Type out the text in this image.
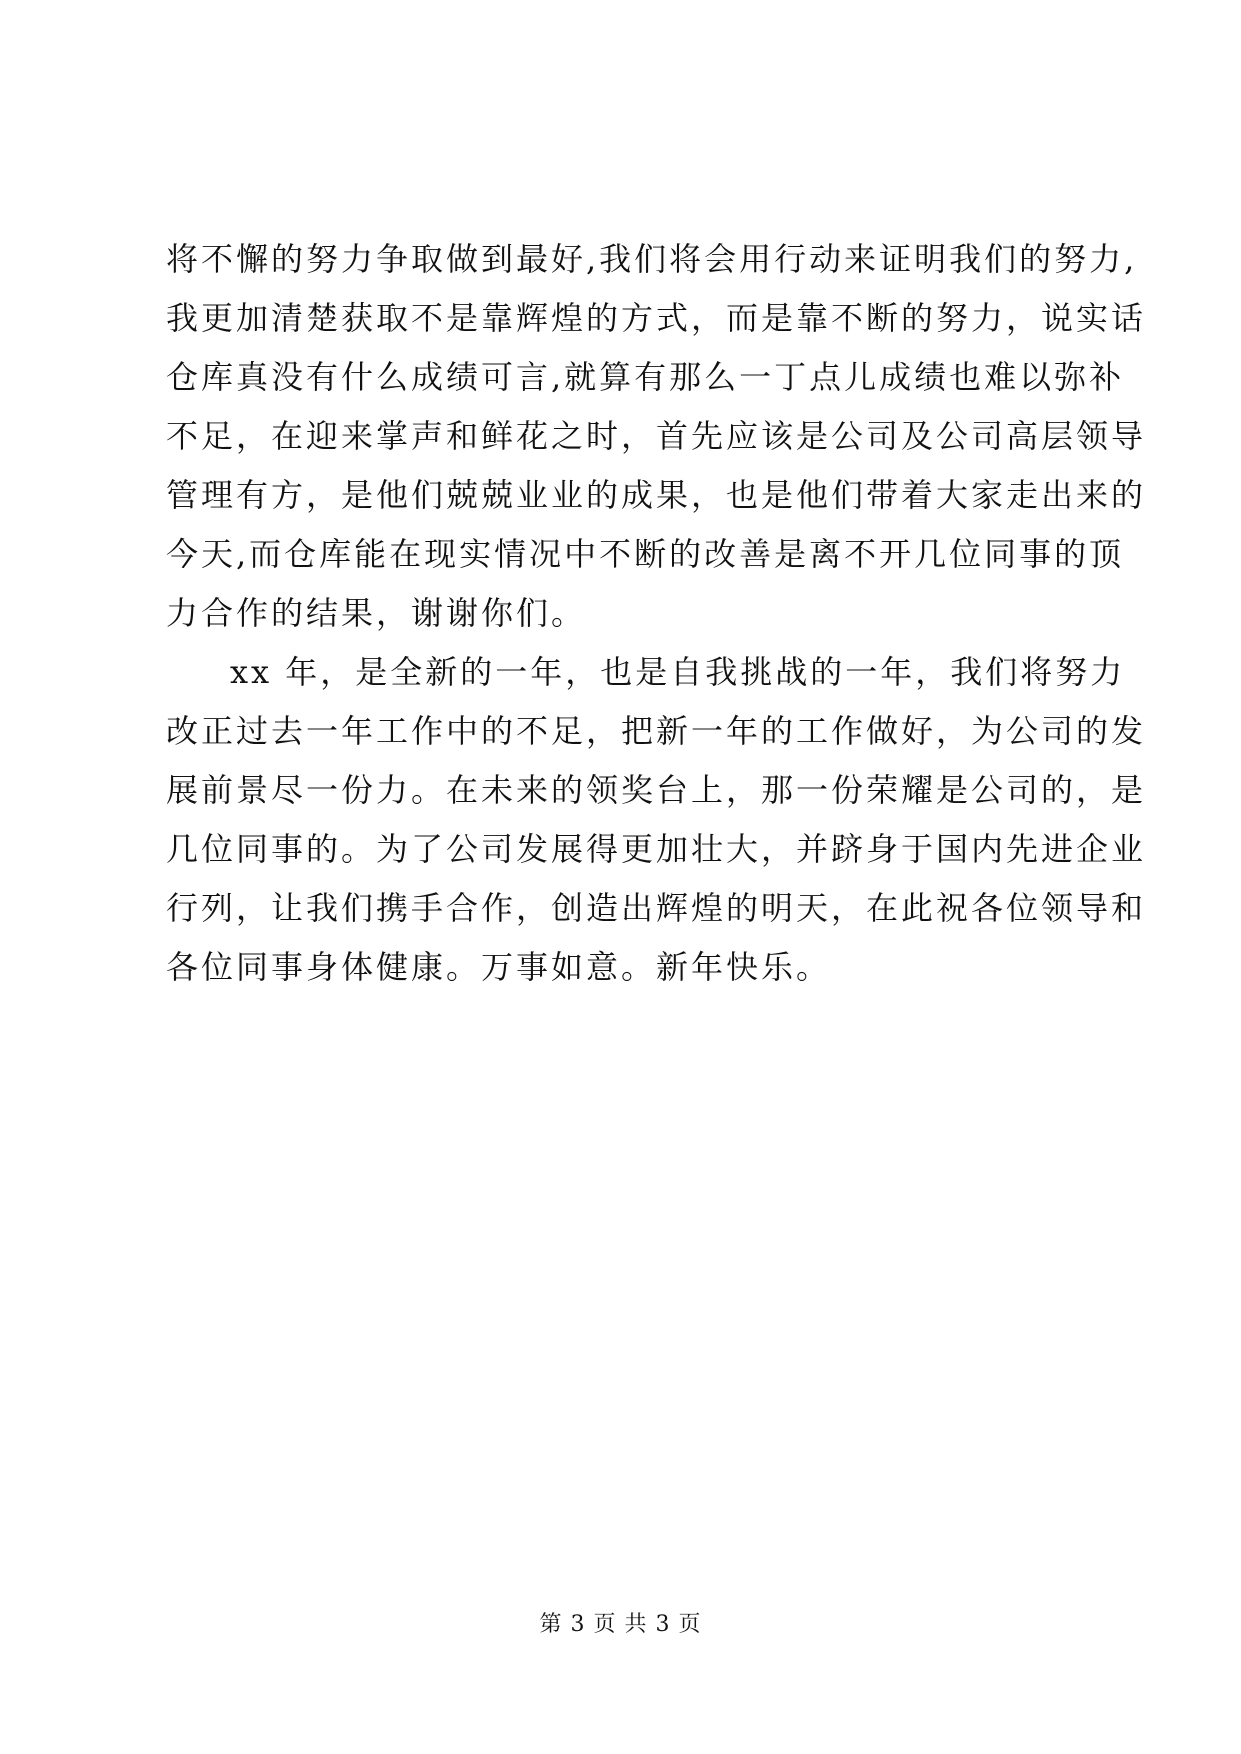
将不懈的努力争取做到最好,我们将会用行动来证明我们的努力,
我更加清楚获取不是靠辉煌的方式，而是靠不断的努力，说实话
仓库真没有什么成绩可言,就算有那么一丁点儿成绩也难以弥补
不足，在迎来掌声和鲜花之时，首先应该是公司及公司高层领导
管理有方，是他们兢兢业业的成果，也是他们带着大家走出来的
今天,而仓库能在现实情况中不断的改善是离不开几位同事的顶
力合作的结果，谢谢你们。
xx 年，是全新的一年，也是自我挑战的一年，我们将努力
改正过去一年工作中的不足，把新一年的工作做好，为公司的发
展前景尽一份力。在未来的领奖台上，那一份荣耀是公司的，是
几位同事的。为了公司发展得更加壮大，并跻身于国内先进企业
行列，让我们携手合作，创造出辉煌的明天，在此祝各位领导和
各位同事身体健康。万事如意。新年快乐。
第 3 页 共 3 页
